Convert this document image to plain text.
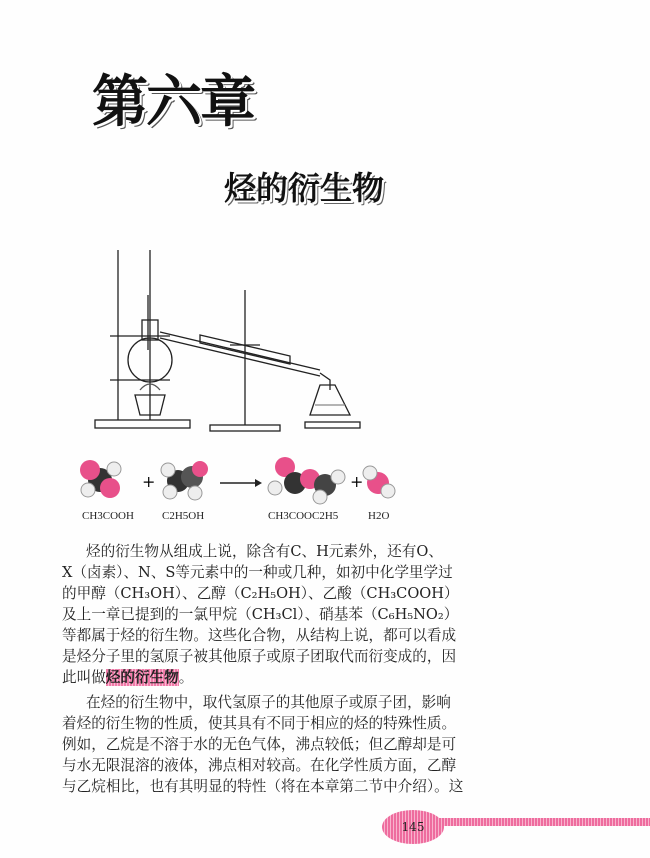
第六章
烃的衍生物
+	+
CH3COOH	C2H5OH	CH3COOC2H5	H2O
烃的衍生物从组成上说，除含有C、H元素外，还有O、
X（卤素）、N、S等元素中的一种或几种，如初中化学里学过
的甲醇（CH₃OH）、乙醇（C₂H₅OH）、乙酸（CH₃COOH）
及上一章已提到的一氯甲烷（CH₃Cl）、硝基苯（C₆H₅NO₂）
等都属于烃的衍生物。这些化合物，从结构上说，都可以看成
是烃分子里的氢原子被其他原子或原子团取代而衍变成的，因
此叫做烃的衍生物。
在烃的衍生物中，取代氢原子的其他原子或原子团，影响
着烃的衍生物的性质，使其具有不同于相应的烃的特殊性质。
例如，乙烷是不溶于水的无色气体，沸点较低；但乙醇却是可
与水无限混溶的液体，沸点相对较高。在化学性质方面，乙醇
与乙烷相比，也有其明显的特性（将在本章第二节中介绍）。这
145
